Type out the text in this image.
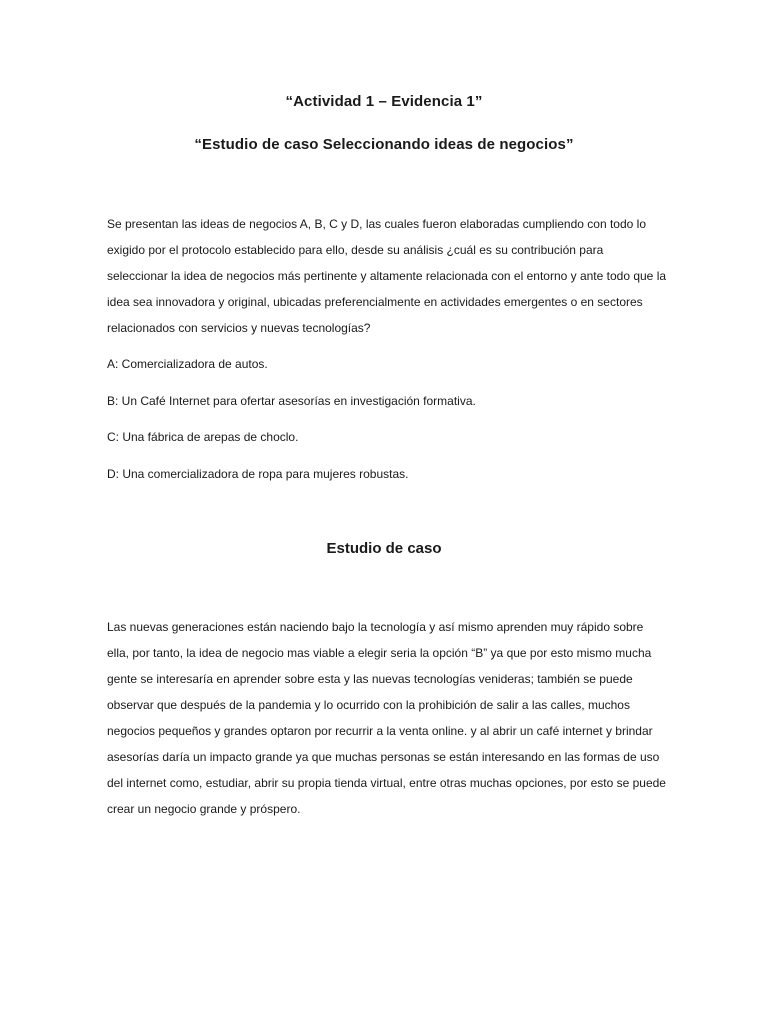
“Actividad 1 – Evidencia 1”
“Estudio de caso Seleccionando ideas de negocios”

Se presentan las ideas de negocios A, B, C y D, las cuales fueron elaboradas cumpliendo con todo lo exigido por el protocolo establecido para ello, desde su análisis ¿cuál es su contribución para seleccionar la idea de negocios más pertinente y altamente relacionada con el entorno y ante todo que la idea sea innovadora y original, ubicadas preferencialmente en actividades emergentes o en sectores relacionados con servicios y nuevas tecnologías?

A: Comercializadora de autos.

B: Un Café Internet para ofertar asesorías en investigación formativa.

C: Una fábrica de arepas de choclo.

D: Una comercializadora de ropa para mujeres robustas.

Estudio de caso

Las nuevas generaciones están naciendo bajo la tecnología y así mismo aprenden muy rápido sobre ella, por tanto, la idea de negocio mas viable a elegir seria la opción “B” ya que por esto mismo mucha gente se interesaría en aprender sobre esta y las nuevas tecnologías venideras; también se puede observar que después de la pandemia y lo ocurrido con la prohibición de salir a las calles, muchos negocios pequeños y grandes optaron por recurrir a la venta online. y al abrir un café internet y brindar asesorías daría un impacto grande ya que muchas personas se están interesando en las formas de uso del internet como, estudiar, abrir su propia tienda virtual, entre otras muchas opciones, por esto se puede crear un negocio grande y próspero.
